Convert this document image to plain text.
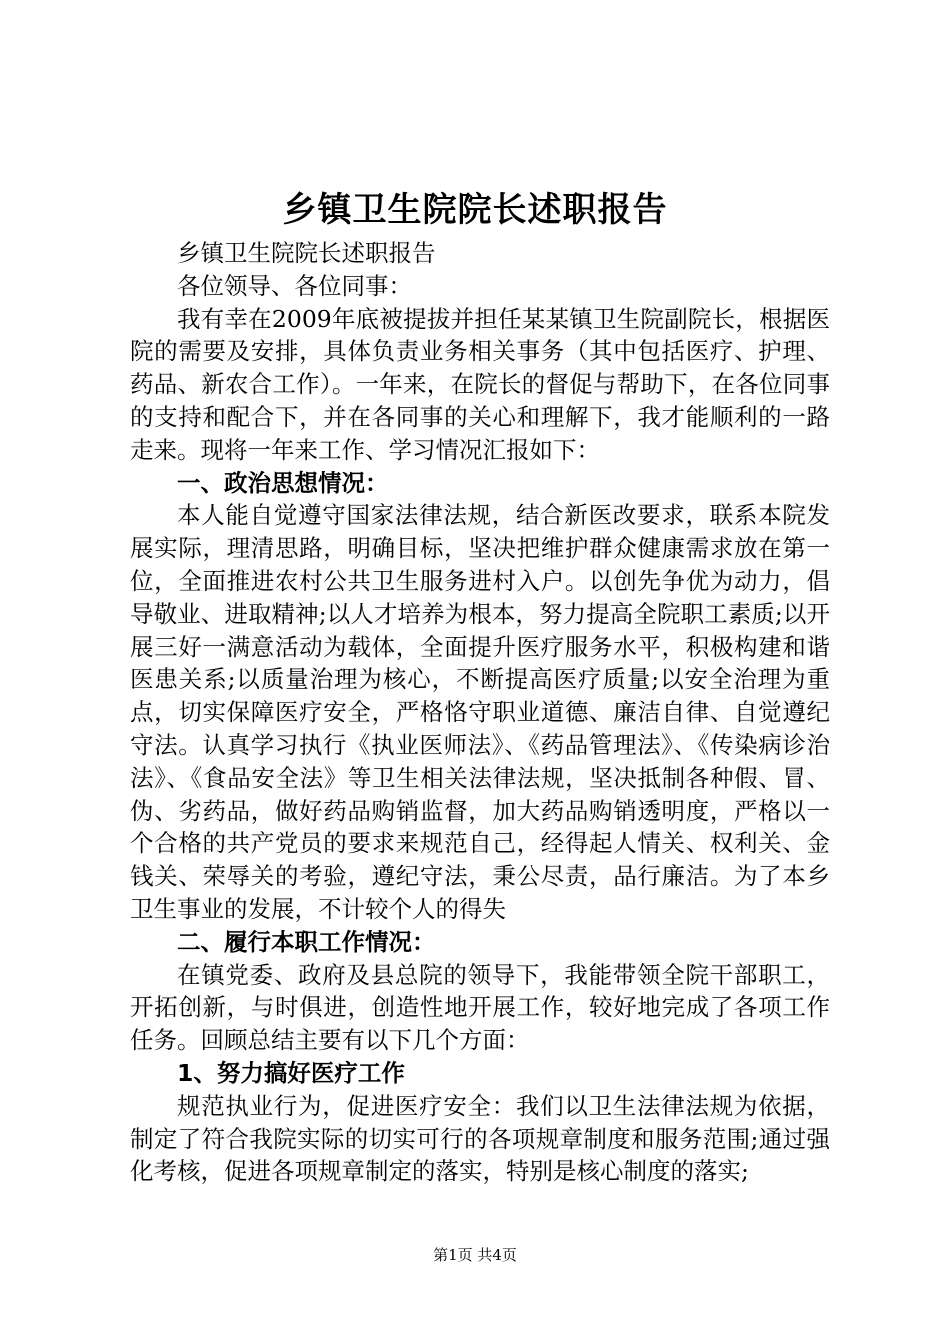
乡镇卫生院院长述职报告

乡镇卫生院院长述职报告

各位领导、各位同事：

我有幸在2009年底被提拔并担任某某镇卫生院副院长，根据医院的需要及安排，具体负责业务相关事务（其中包括医疗、护理、药品、新农合工作）。一年来，在院长的督促与帮助下，在各位同事的支持和配合下，并在各同事的关心和理解下，我才能顺利的一路走来。现将一年来工作、学习情况汇报如下：

一、政治思想情况：

本人能自觉遵守国家法律法规，结合新医改要求，联系本院发展实际，理清思路，明确目标，坚决把维护群众健康需求放在第一位，全面推进农村公共卫生服务进村入户。以创先争优为动力，倡导敬业、进取精神;以人才培养为根本，努力提高全院职工素质;以开展三好一满意活动为载体，全面提升医疗服务水平，积极构建和谐医患关系;以质量治理为核心，不断提高医疗质量;以安全治理为重点，切实保障医疗安全，严格恪守职业道德、廉洁自律、自觉遵纪守法。认真学习执行《执业医师法》、《药品管理法》、《传染病诊治法》、《食品安全法》等卫生相关法律法规，坚决抵制各种假、冒、伪、劣药品，做好药品购销监督，加大药品购销透明度，严格以一个合格的共产党员的要求来规范自己，经得起人情关、权利关、金钱关、荣辱关的考验，遵纪守法，秉公尽责，品行廉洁。为了本乡卫生事业的发展，不计较个人的得失

二、履行本职工作情况：

在镇党委、政府及县总院的领导下，我能带领全院干部职工，开拓创新，与时俱进，创造性地开展工作，较好地完成了各项工作任务。回顾总结主要有以下几个方面：

1、努力搞好医疗工作

规范执业行为，促进医疗安全：我们以卫生法律法规为依据，制定了符合我院实际的切实可行的各项规章制度和服务范围;通过强化考核，促进各项规章制定的落实，特别是核心制度的落实;

第1页 共4页
